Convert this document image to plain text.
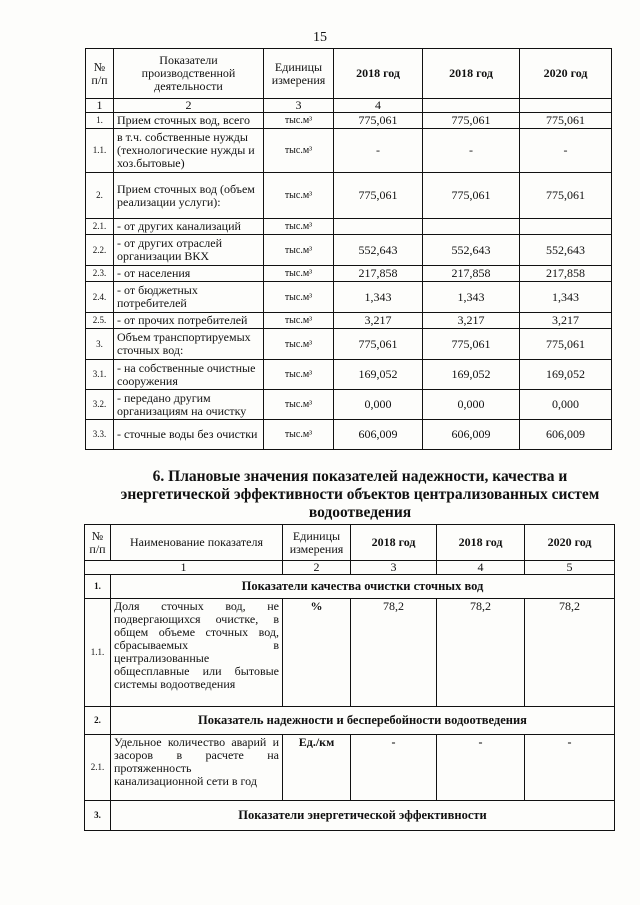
15
№ п/п	Показатели производственной деятельности	Единицы измерения	2018 год	2018 год	2020 год
1	2	3	4		
1.	Прием сточных вод, всего	тыс.м³	775,061	775,061	775,061
1.1.	в т.ч. собственные нужды (технологические нужды и хоз.бытовые)	тыс.м³	-	-	-
2.	Прием сточных вод (объем реализации услуги):	тыс.м³	775,061	775,061	775,061
2.1.	- от других канализаций	тыс.м³			
2.2.	- от других отраслей организации ВКХ	тыс.м³	552,643	552,643	552,643
2.3.	- от населения	тыс.м³	217,858	217,858	217,858
2.4.	- от бюджетных потребителей	тыс.м³	1,343	1,343	1,343
2.5.	- от прочих потребителей	тыс.м³	3,217	3,217	3,217
3.	Объем транспортируемых сточных вод:	тыс.м³	775,061	775,061	775,061
3.1.	- на собственные очистные сооружения	тыс.м³	169,052	169,052	169,052
3.2.	- передано другим организациям на очистку	тыс.м³	0,000	0,000	0,000
3.3.	- сточные воды без очистки	тыс.м³	606,009	606,009	606,009
6. Плановые значения показателей надежности, качества и энергетической эффективности объектов централизованных систем водоотведения
№ п/п	Наименование показателя	Единицы измерения	2018 год	2018 год	2020 год
1		2	3	4	5
1.	Показатели качества очистки сточных вод				
1.1.	Доля сточных вод, не подвергающихся очистке, в общем объеме сточных вод, сбрасываемых в централизованные общесплавные или бытовые системы водоотведения	%	78,2	78,2	78,2
2.	Показатель надежности и бесперебойности водоотведения				
2.1.	Удельное количество аварий и засоров в расчете на протяженность канализационной сети в год	Ед./км	-	-	-
3.	Показатели энергетической эффективности				
